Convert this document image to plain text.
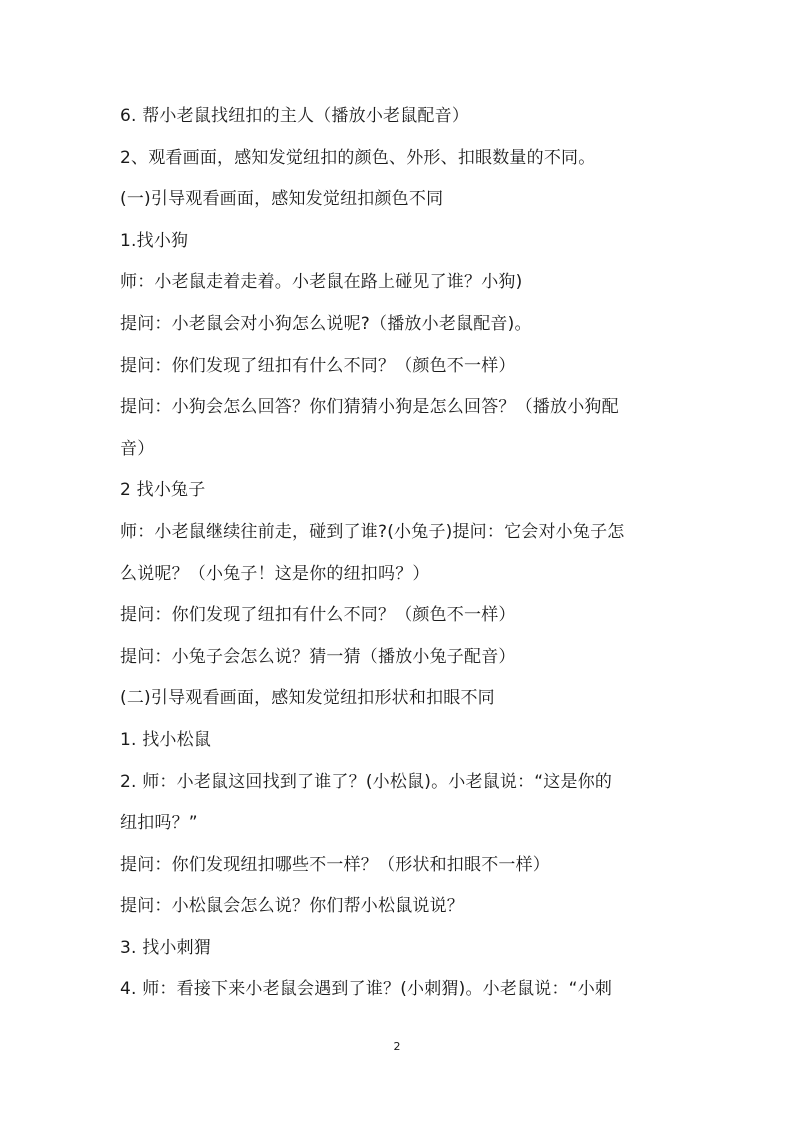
6. 帮小老鼠找纽扣的主人（播放小老鼠配音）
2、观看画面，感知发觉纽扣的颜色、外形、扣眼数量的不同。
(一)引导观看画面，感知发觉纽扣颜色不同
1.找小狗
师：小老鼠走着走着。小老鼠在路上碰见了谁？小狗)
提问：小老鼠会对小狗怎么说呢?（播放小老鼠配音)。
提问：你们发现了纽扣有什么不同？（颜色不一样）
提问：小狗会怎么回答？你们猜猜小狗是怎么回答？（播放小狗配
音）
2 找小兔子
师：小老鼠继续往前走，碰到了谁?(小兔子)提问：它会对小兔子怎
么说呢？（小兔子！这是你的纽扣吗？）
提问：你们发现了纽扣有什么不同？（颜色不一样）
提问：小兔子会怎么说？猜一猜（播放小兔子配音）
(二)引导观看画面，感知发觉纽扣形状和扣眼不同
1. 找小松鼠
2. 师：小老鼠这回找到了谁了？(小松鼠)。小老鼠说：“这是你的
纽扣吗？”
提问：你们发现纽扣哪些不一样？（形状和扣眼不一样）
提问：小松鼠会怎么说？你们帮小松鼠说说？
3. 找小刺猬
4. 师：看接下来小老鼠会遇到了谁？(小刺猬)。小老鼠说：“小刺
2
